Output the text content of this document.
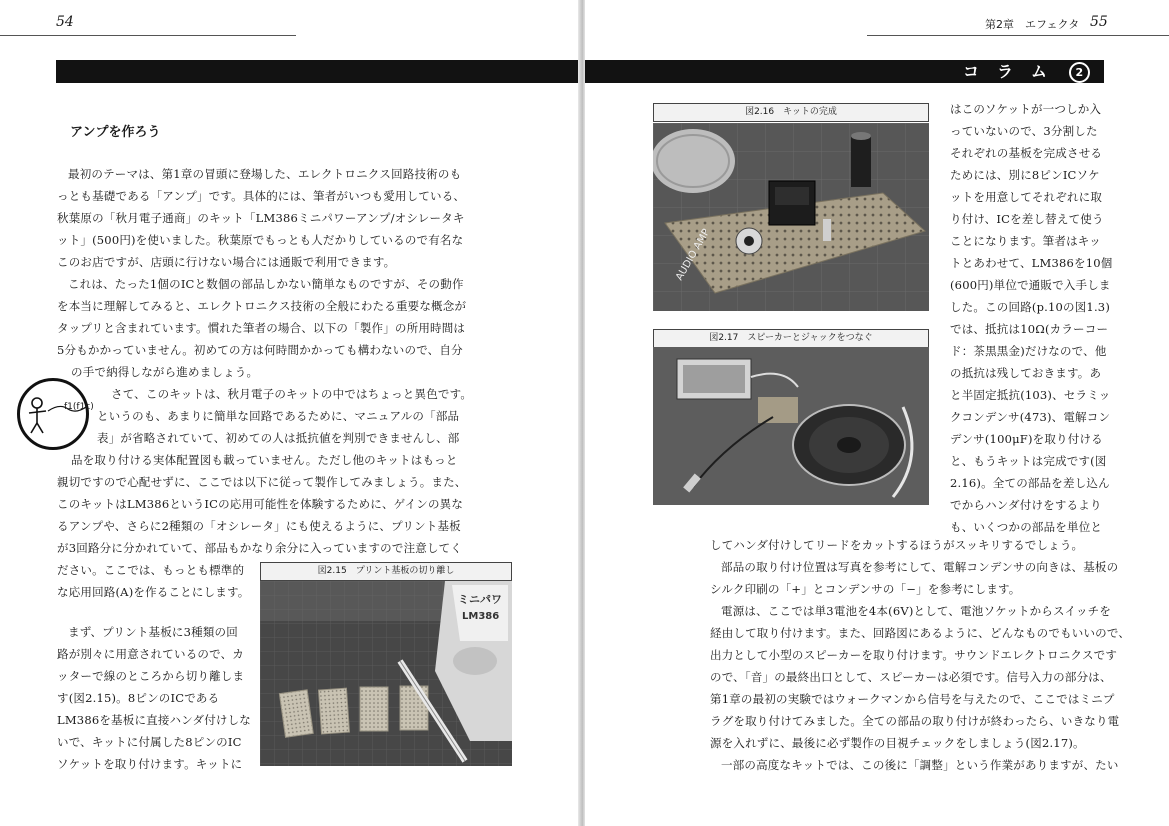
54
アンプを作ろう
最初のテーマは、第1章の冒頭に登場した、エレクトロニクス回路技術のも
っとも基礎である「アンプ」です。具体的には、筆者がいつも愛用している、
秋葉原の「秋月電子通商」のキット「LM386ミニパワーアンプ/オシレータキ
ット」(500円)を使いました。秋葉原でもっとも人だかりしているので有名な
このお店ですが、店頭に行けない場合には通販で利用できます。
これは、たった1個のICと数個の部品しかない簡単なものですが、その動作
を本当に理解してみると、エレクトロニクス技術の全般にわたる重要な概念が
タップリと含まれています。慣れた筆者の場合、以下の「製作」の所用時間は
5分もかかっていません。初めての方は何時間かかっても構わないので、自分
の手で納得しながら進めましょう。
f1(f1c)
さて、このキットは、秋月電子のキットの中ではちょっと異色です。
というのも、あまりに簡単な回路であるために、マニュアルの「部品
表」が省略されていて、初めての人は抵抗値を判別できませんし、部
品を取り付ける実体配置図も載っていません。ただし他のキットはもっと
親切ですので心配せずに、ここでは以下に従って製作してみましょう。また、
このキットはLM386というICの応用可能性を体験するために、ゲインの異な
るアンプや、さらに2種類の「オシレータ」にも使えるように、プリント基板
が3回路分に分かれていて、部品もかなり余分に入っていますので注意してく
ださい。ここでは、もっとも標準的
な応用回路(A)を作ることにします。
まず、プリント基板に3種類の回
路が別々に用意されているので、カ
ッターで線のところから切り離しま
す(図2.15)。8ピンのICである
LM386を基板に直接ハンダ付けしな
いで、キットに付属した8ピンのIC
ソケットを取り付けます。キットに
図2.15　プリント基板の切り離し
ミニパワ
LM386
第2章　エフェクタ 55
コラム 2
図2.16　キットの完成
AUDIO AMP
図2.17　スピーカーとジャックをつなぐ
はこのソケットが一つしか入
っていないので、3分割した
それぞれの基板を完成させる
ためには、別に8ピンICソケ
ットを用意してそれぞれに取
り付け、ICを差し替えて使う
ことになります。筆者はキッ
トとあわせて、LM386を10個
(600円)単位で通販で入手しま
した。この回路(p.10の図1.3)
では、抵抗は10Ω(カラーコー
ド：茶黒黒金)だけなので、他
の抵抗は残しておきます。あ
と半固定抵抗(103)、セラミッ
クコンデンサ(473)、電解コン
デンサ(100μF)を取り付ける
と、もうキットは完成です(図
2.16)。全ての部品を差し込ん
でからハンダ付けをするより
も、いくつかの部品を単位と
してハンダ付けしてリードをカットするほうがスッキリするでしょう。
部品の取り付け位置は写真を参考にして、電解コンデンサの向きは、基板の
シルク印刷の「+」とコンデンサの「−」を参考にします。
電源は、ここでは単3電池を4本(6V)として、電池ソケットからスイッチを
経由して取り付けます。また、回路図にあるように、どんなものでもいいので、
出力として小型のスピーカーを取り付けます。サウンドエレクトロニクスです
ので、「音」の最終出口として、スピーカーは必須です。信号入力の部分は、
第1章の最初の実験ではウォークマンから信号を与えたので、ここではミニプ
ラグを取り付けてみました。全ての部品の取り付けが終わったら、いきなり電
源を入れずに、最後に必ず製作の目視チェックをしましょう(図2.17)。
一部の高度なキットでは、この後に「調整」という作業がありますが、たい
